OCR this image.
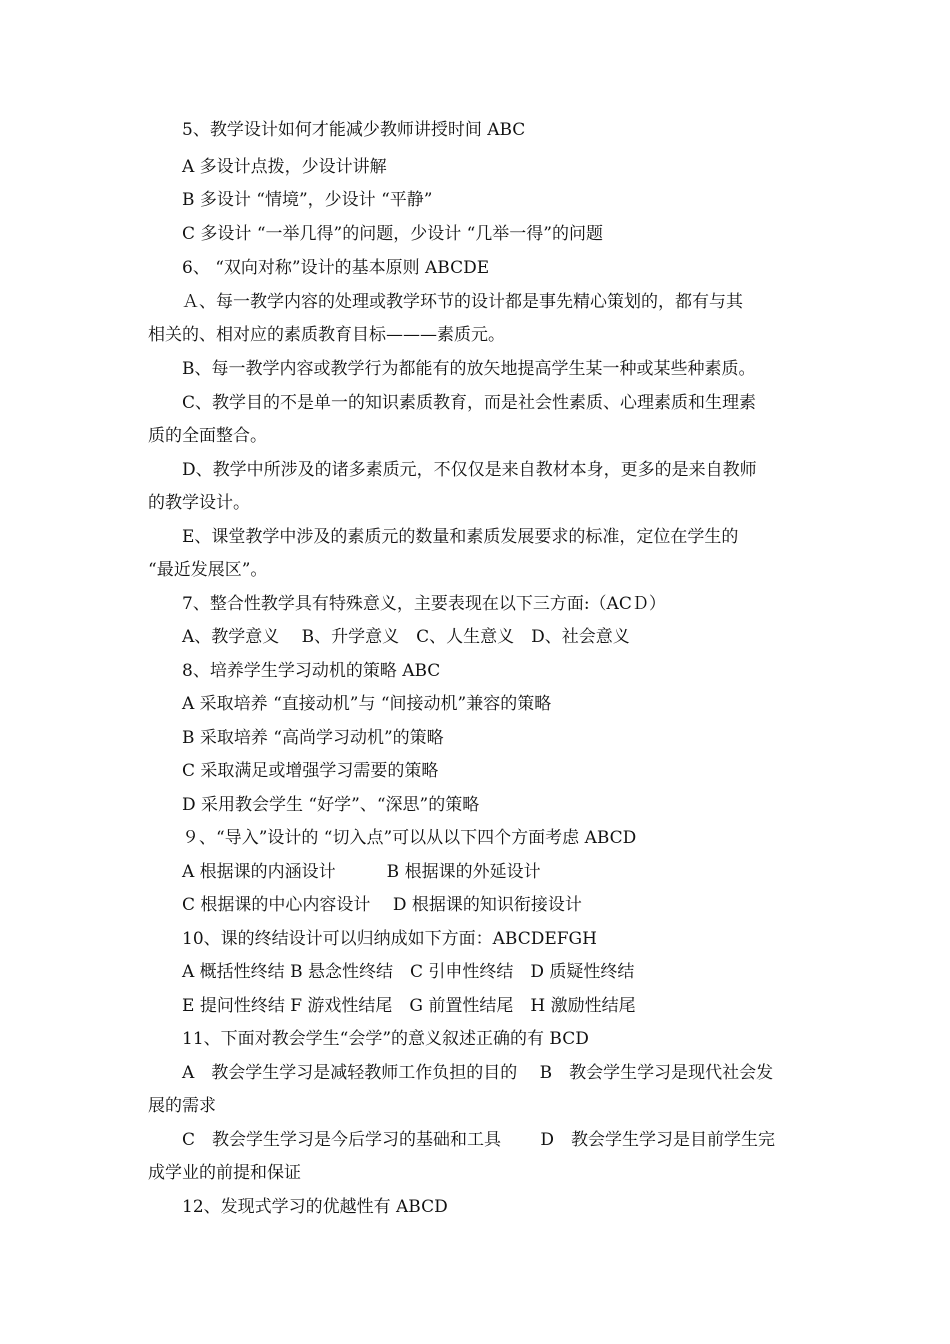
5、教学设计如何才能减少教师讲授时间 ABC
A 多设计点拨，少设计讲解
B 多设计 “情境”，少设计 “平静”
C 多设计 “一举几得”的问题，少设计 “几举一得”的问题
6、 “双向对称”设计的基本原则 ABCDE
Ａ、每一教学内容的处理或教学环节的设计都是事先精心策划的，都有与其
相关的、相对应的素质教育目标———素质元。
B、每一教学内容或教学行为都能有的放矢地提高学生某一种或某些种素质。
C、教学目的不是单一的知识素质教育，而是社会性素质、心理素质和生理素
质的全面整合。
D、教学中所涉及的诸多素质元，不仅仅是来自教材本身，更多的是来自教师
的教学设计。
E、课堂教学中涉及的素质元的数量和素质发展要求的标准，定位在学生的
“最近发展区”。
7、整合性教学具有特殊意义，主要表现在以下三方面:（ACＤ）
A、教学意义　 B、升学意义　C、人生意义　D、社会意义
8、培养学生学习动机的策略 ABC
A 采取培养 “直接动机”与 “间接动机”兼容的策略
B 采取培养 “高尚学习动机”的策略
C 采取满足或增强学习需要的策略
D 采用教会学生 “好学”、“深思”的策略
９、“导入”设计的 “切入点”可以从以下四个方面考虑 ABCD
A 根据课的内涵设计　　　B 根据课的外延设计
C 根据课的中心内容设计　 D 根据课的知识衔接设计
10、课的终结设计可以归纳成如下方面：ABCDEFGH
A 概括性终结 B 悬念性终结　C 引申性终结　D 质疑性终结
E 提问性终结 F 游戏性结尾　G 前置性结尾　H 激励性结尾
11、下面对教会学生“会学”的意义叙述正确的有 BCD
A　教会学生学习是减轻教师工作负担的目的　 B　教会学生学习是现代社会发
展的需求
C　教会学生学习是今后学习的基础和工具　　 D　教会学生学习是目前学生完
成学业的前提和保证
12、发现式学习的优越性有 ABCD
